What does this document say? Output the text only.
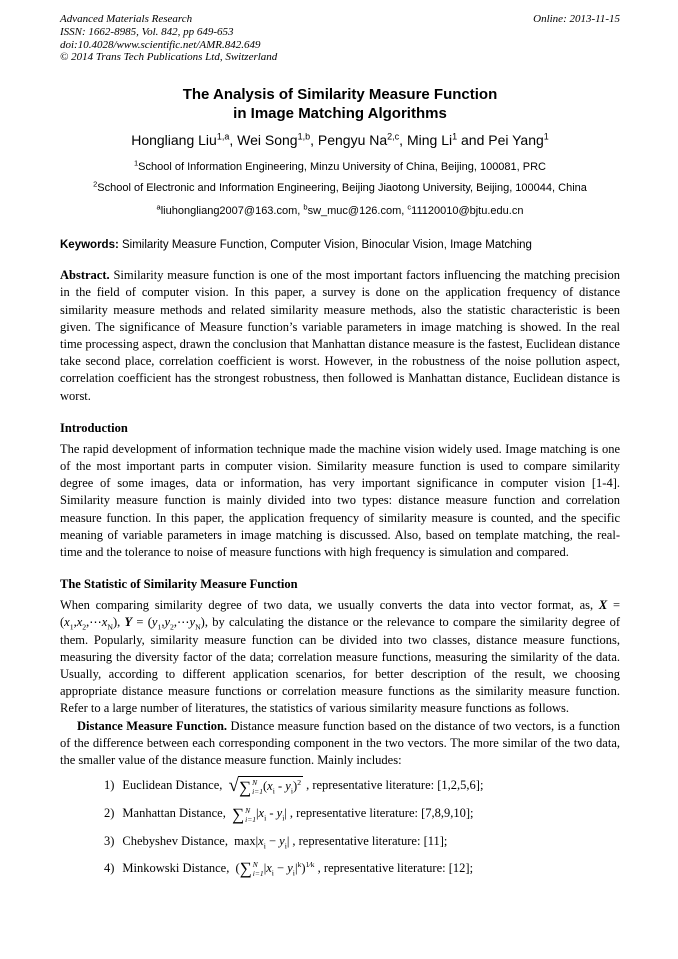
Advanced Materials Research
ISSN: 1662-8985, Vol. 842, pp 649-653
doi:10.4028/www.scientific.net/AMR.842.649
© 2014 Trans Tech Publications Ltd, Switzerland
Online: 2013-11-15
The Analysis of Similarity Measure Function
in Image Matching Algorithms
Hongliang Liu$^{1,a}$, Wei Song$^{1,b}$, Pengyu Na$^{2,c}$, Ming Li$^1$ and Pei Yang$^1$
$^1$School of Information Engineering, Minzu University of China, Beijing, 100081, PRC
$^2$School of Electronic and Information Engineering, Beijing Jiaotong University, Beijing, 100044, China
$^a$liuhongliang2007@163.com, $^b$sw_muc@126.com, $^c$11120010@bjtu.edu.cn

Keywords: Similarity Measure Function, Computer Vision, Binocular Vision, Image Matching

Abstract. Similarity measure function is one of the most important factors influencing the matching precision in the field of computer vision. In this paper, a survey is done on the application frequency of distance similarity measure methods and related similarity measure methods, also the statistic characteristic is been given. The significance of Measure function’s variable parameters in image matching is showed. In the real time processing aspect, drawn the conclusion that Manhattan distance measure is the fastest, Euclidean distance take second place, correlation coefficient is worst. However, in the robustness of the noise pollution aspect, correlation coefficient has the strongest robustness, then followed is Manhattan distance, Euclidean distance is worst.

Introduction

The rapid development of information technique made the machine vision widely used. Image matching is one of the most important parts in computer vision. Similarity measure function is used to compare similarity degree of some images, data or information, has very important significance in computer vision [1-4]. Similarity measure function is mainly divided into two types: distance measure function and correlation measure function. In this paper, the application frequency of similarity measure is counted, and the specific meaning of variable parameters in image matching is discussed. Also, based on template matching, the real-time and the tolerance to noise of measure functions with high frequency is simulation and compared.

The Statistic of Similarity Measure Function

When comparing similarity degree of two data, we usually converts the data into vector format, as, $X = (x_1,x_2,\cdots x_N)$, $Y = (y_1,y_2,\cdots y_N)$, by calculating the distance or the relevance to compare the similarity degree of them. Popularly, similarity measure function can be divided into two classes, distance measure functions, measuring the diversity factor of the data; correlation measure functions, measuring the similarity of the data. Usually, according to different application scenarios, for better description of the result, we choosing appropriate distance measure functions or correlation measure functions as the similarity measure function. Refer to a large number of literatures, the statistics of various similarity measure functions as follows.

Distance Measure Function. Distance measure function based on the distance of two vectors, is a function of the difference between each corresponding component in the two vectors. The more similar of the two data, the smaller value of the distance measure function. Mainly includes:

1) Euclidean Distance, √ ∑ N
i=1 $(x_i - y_i)^2$ , representative literature: [1,2,5,6];
2) Manhattan Distance, ∑ N
i=1 $|x_i - y_i|$ , representative literature: [7,8,9,10];
3) Chebyshev Distance, $\max|x_i - y_i|$ , representative literature: [11];
4) Minkowski Distance, ( ∑ N
i=1 $|x_i - y_i|^k)^{1⁄k}$ , representative literature: [12];
